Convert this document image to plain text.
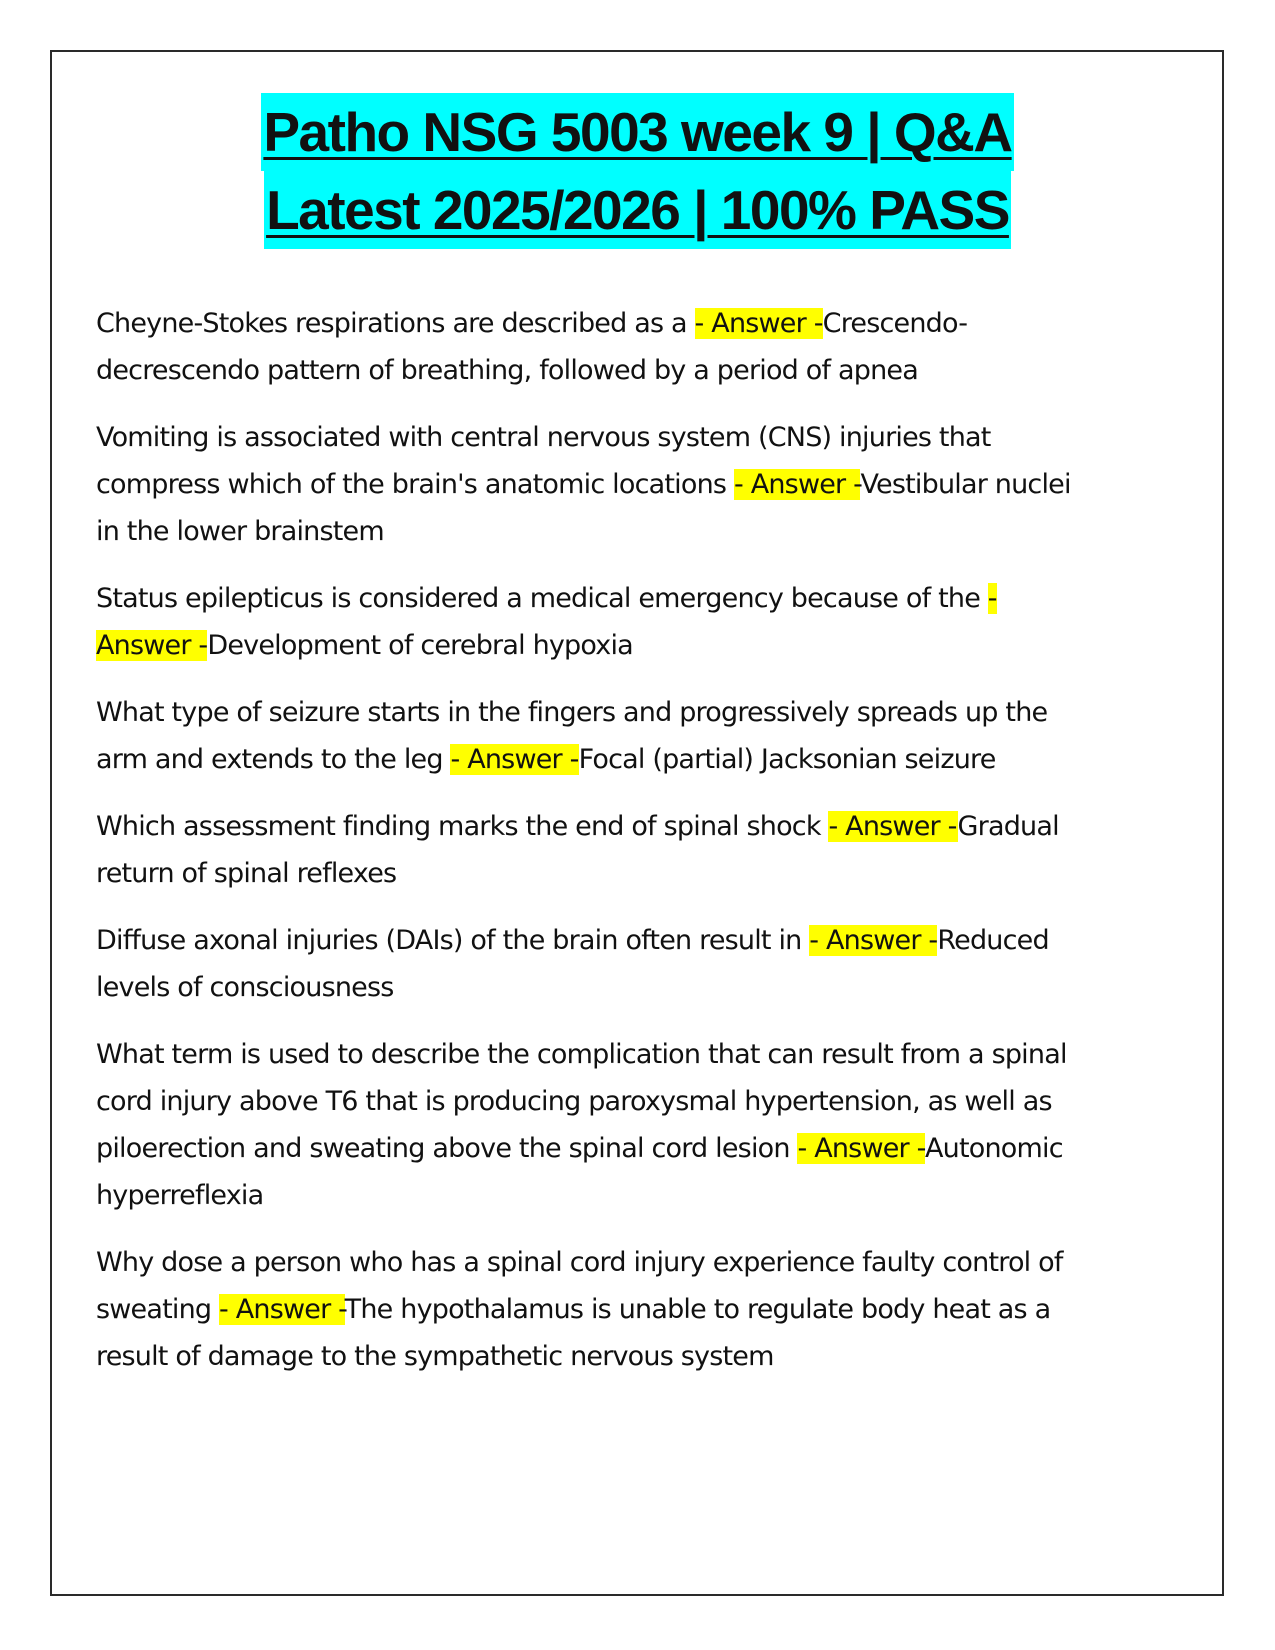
Patho NSG 5003 week 9 | Q&A
Latest 2025/2026 | 100% PASS

Cheyne-Stokes respirations are described as a - Answer -Crescendo-decrescendo pattern of breathing, followed by a period of apnea

Vomiting is associated with central nervous system (CNS) injuries that compress which of the brain's anatomic locations - Answer -Vestibular nuclei in the lower brainstem

Status epilepticus is considered a medical emergency because of the - Answer -Development of cerebral hypoxia

What type of seizure starts in the fingers and progressively spreads up the arm and extends to the leg - Answer -Focal (partial) Jacksonian seizure

Which assessment finding marks the end of spinal shock - Answer -Gradual return of spinal reflexes

Diffuse axonal injuries (DAIs) of the brain often result in - Answer -Reduced levels of consciousness

What term is used to describe the complication that can result from a spinal cord injury above T6 that is producing paroxysmal hypertension, as well as piloerection and sweating above the spinal cord lesion - Answer -Autonomic hyperreflexia

Why dose a person who has a spinal cord injury experience faulty control of sweating - Answer -The hypothalamus is unable to regulate body heat as a result of damage to the sympathetic nervous system
